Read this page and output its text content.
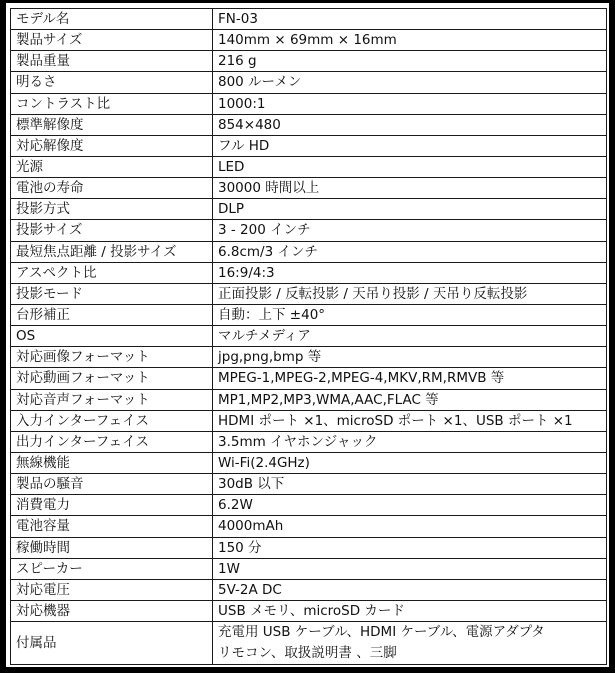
モデル名	FN-03
製品サイズ	140mm × 69mm × 16mm
製品重量	216 g
明るさ	800 ルーメン
コントラスト比	1000:1
標準解像度	854×480
対応解像度	フル HD
光源	LED
電池の寿命	30000 時間以上
投影方式	DLP
投影サイズ	3 - 200 インチ
最短焦点距離 / 投影サイズ	6.8cm/3 インチ
アスペクト比	16:9/4:3
投影モード	正面投影 / 反転投影 / 天吊り投影 / 天吊り反転投影
台形補正	自動：上下 ±40°
OS	マルチメディア
対応画像フォーマット	jpg,png,bmp 等
対応動画フォーマット	MPEG-1,MPEG-2,MPEG-4,MKV,RM,RMVB 等
対応音声フォーマット	MP1,MP2,MP3,WMA,AAC,FLAC 等
入力インターフェイス	HDMI ポート ×1、microSD ポート ×1、USB ポート ×1
出力インターフェイス	3.5mm イヤホンジャック
無線機能	Wi-Fi(2.4GHz)
製品の騒音	30dB 以下
消費電力	6.2W
電池容量	4000mAh
稼働時間	150 分
スピーカー	1W
対応電圧	5V-2A DC
対応機器	USB メモリ、microSD カード
付属品	充電用 USB ケーブル、HDMI ケーブル、電源アダプタ
リモコン、取扱説明書 、三脚
